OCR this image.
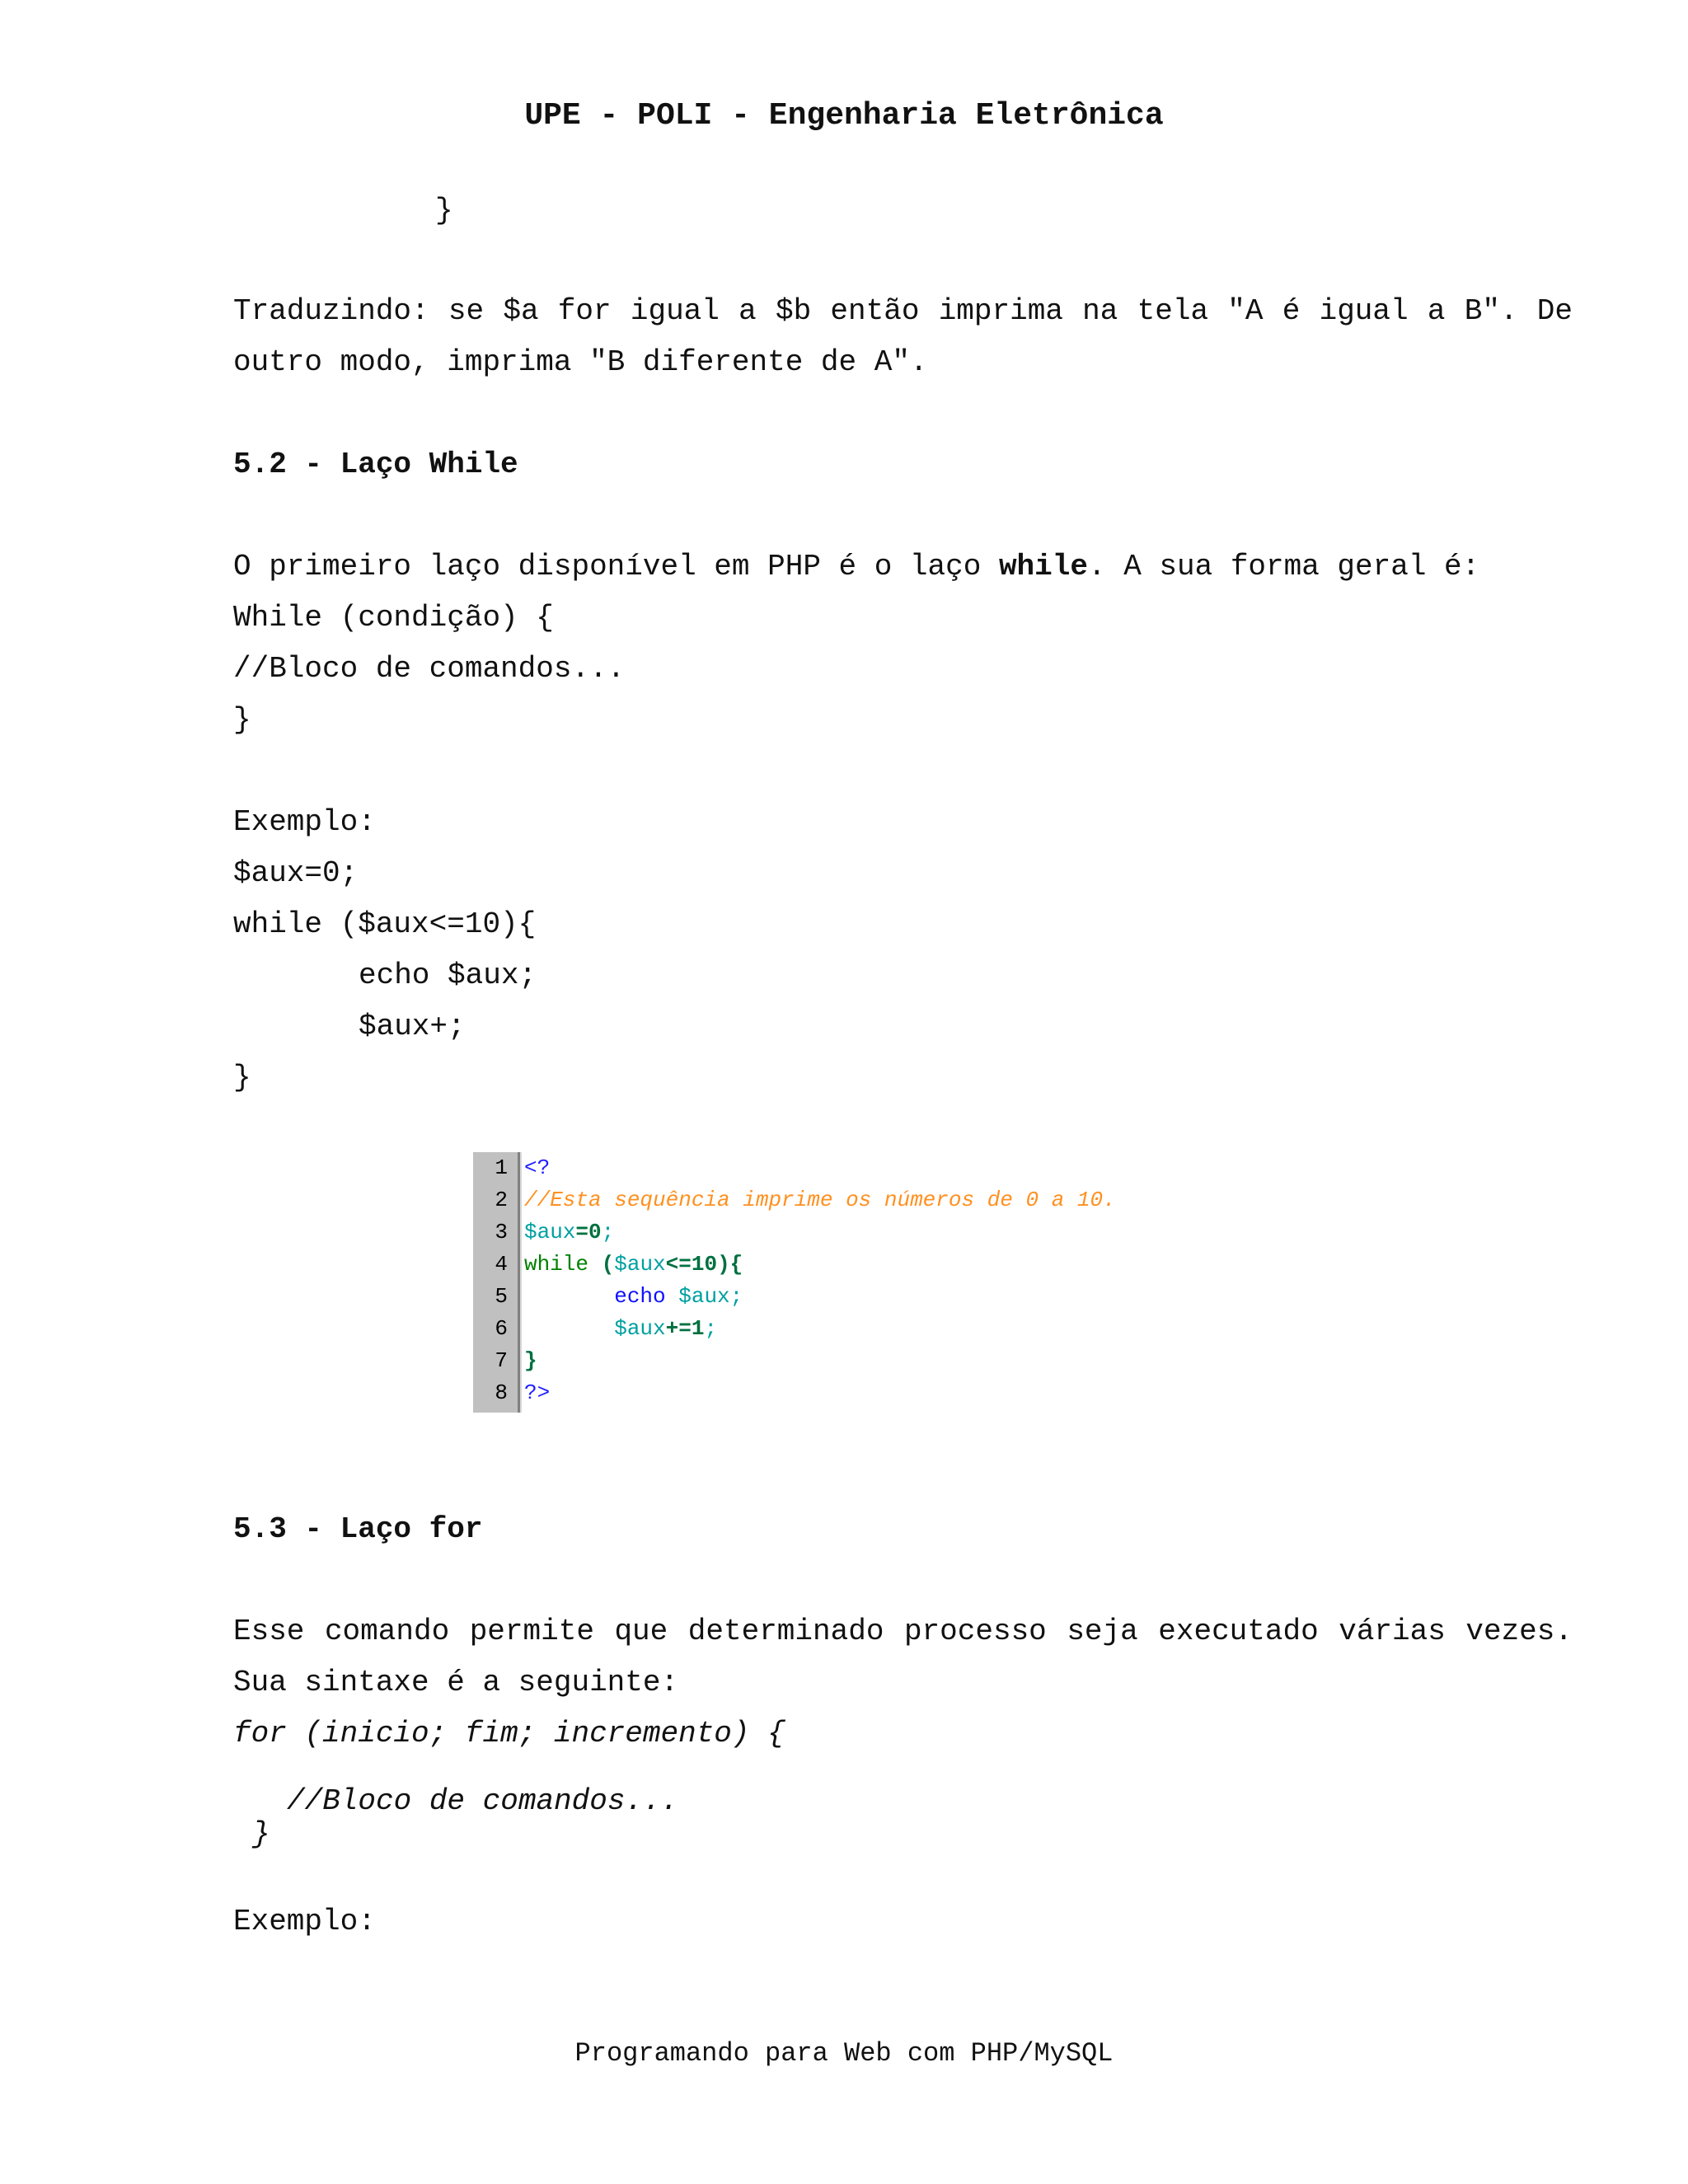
UPE - POLI - Engenharia Eletrônica
}
Traduzindo: se $a for igual a $b então imprima na tela "A é igual a B". De
outro modo, imprima "B diferente de A".
5.2 - Laço While
O primeiro laço disponível em PHP é o laço while. A sua forma geral é:
While (condição) {
//Bloco de comandos...
}
Exemplo:
$aux=0;
while ($aux<=10){
echo $aux;
$aux+;
}
1
2
3
4
5
6
7
8
<?
//Esta sequência imprime os números de 0 a 10.
$aux=0;
while ($aux<=10){
echo $aux;
$aux+=1;
}
?>
5.3 - Laço for
Esse comando permite que determinado processo seja executado várias vezes.
Sua sintaxe é a seguinte:
for (inicio; fim; incremento) {
//Bloco de comandos...
}
Exemplo:
Programando para Web com PHP/MySQL
